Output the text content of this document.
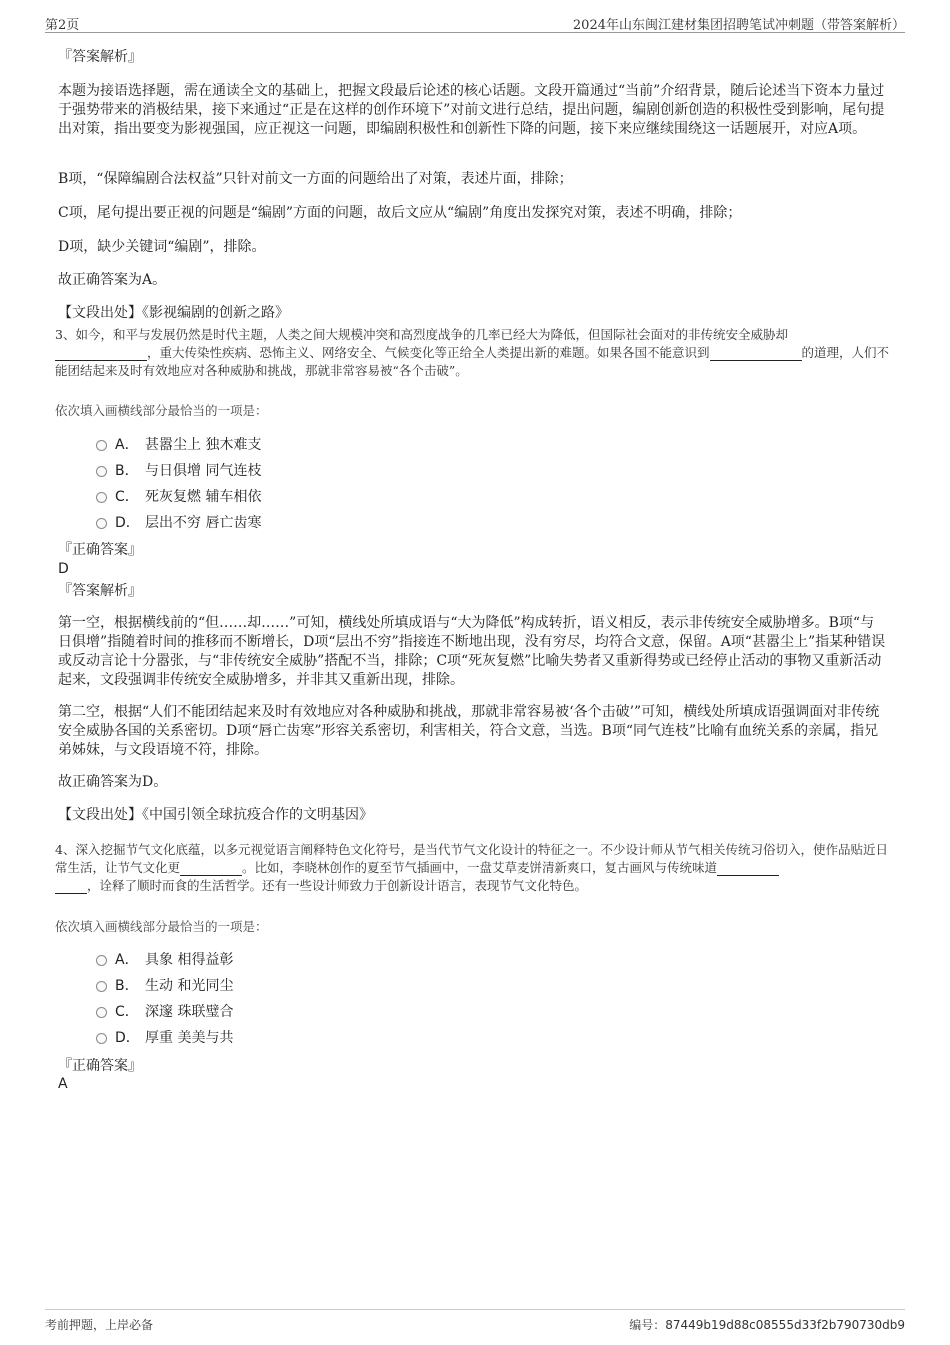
第2页	2024年山东闽江建材集团招聘笔试冲刺题（带答案解析）
『答案解析』
本题为接语选择题，需在通读全文的基础上，把握文段最后论述的核心话题。文段开篇通过“当前”介绍背景，随后论述当下资本力量过于强势带来的消极结果，接下来通过“正是在这样的创作环境下”对前文进行总结，提出问题，编剧创新创造的积极性受到影响，尾句提出对策，指出要变为影视强国，应正视这一问题，即编剧积极性和创新性下降的问题，接下来应继续围绕这一话题展开，对应A项。
B项，“保障编剧合法权益”只针对前文一方面的问题给出了对策，表述片面，排除；
C项，尾句提出要正视的问题是“编剧”方面的问题，故后文应从“编剧”角度出发探究对策，表述不明确，排除；
D项，缺少关键词“编剧”，排除。
故正确答案为A。
【文段出处】《影视编剧的创新之路》
3、如今，和平与发展仍然是时代主题，人类之间大规模冲突和高烈度战争的几率已经大为降低，但国际社会面对的非传统安全威胁却
，重大传染性疾病、恐怖主义、网络安全、气候变化等正给全人类提出新的难题。如果各国不能意识到	的道理，人们不能团结起来及时有效地应对各种威胁和挑战，那就非常容易被“各个击破”。
依次填入画横线部分最恰当的一项是：
A． 甚嚣尘上 独木难支
B． 与日俱增 同气连枝
C． 死灰复燃 辅车相依
D． 层出不穷 唇亡齿寒
『正确答案』
D
『答案解析』
第一空，根据横线前的“但……却……”可知，横线处所填成语与“大为降低”构成转折，语义相反，表示非传统安全威胁增多。B项“与日俱增”指随着时间的推移而不断增长，D项“层出不穷”指接连不断地出现，没有穷尽，均符合文意，保留。A项“甚嚣尘上”指某种错误或反动言论十分嚣张，与“非传统安全威胁”搭配不当，排除；C项“死灰复燃”比喻失势者又重新得势或已经停止活动的事物又重新活动起来，文段强调非传统安全威胁增多，并非其又重新出现，排除。
第二空，根据“人们不能团结起来及时有效地应对各种威胁和挑战，那就非常容易被‘各个击破’”可知，横线处所填成语强调面对非传统安全威胁各国的关系密切。D项“唇亡齿寒”形容关系密切，利害相关，符合文意，当选。B项“同气连枝”比喻有血统关系的亲属，指兄弟姊妹，与文段语境不符，排除。
故正确答案为D。
【文段出处】《中国引领全球抗疫合作的文明基因》
4、深入挖掘节气文化底蕴，以多元视觉语言阐释特色文化符号，是当代节气文化设计的特征之一。不少设计师从节气相关传统习俗切入，使作品贴近日常生活，让节气文化更	。比如，李晓林创作的夏至节气插画中，一盘艾草麦饼清新爽口，复古画风与传统味道
，诠释了顺时而食的生活哲学。还有一些设计师致力于创新设计语言，表现节气文化特色。
依次填入画横线部分最恰当的一项是：
A． 具象 相得益彰
B． 生动 和光同尘
C． 深邃 珠联璧合
D． 厚重 美美与共
『正确答案』
A
考前押题，上岸必备	编号：87449b19d88c08555d33f2b790730db9
